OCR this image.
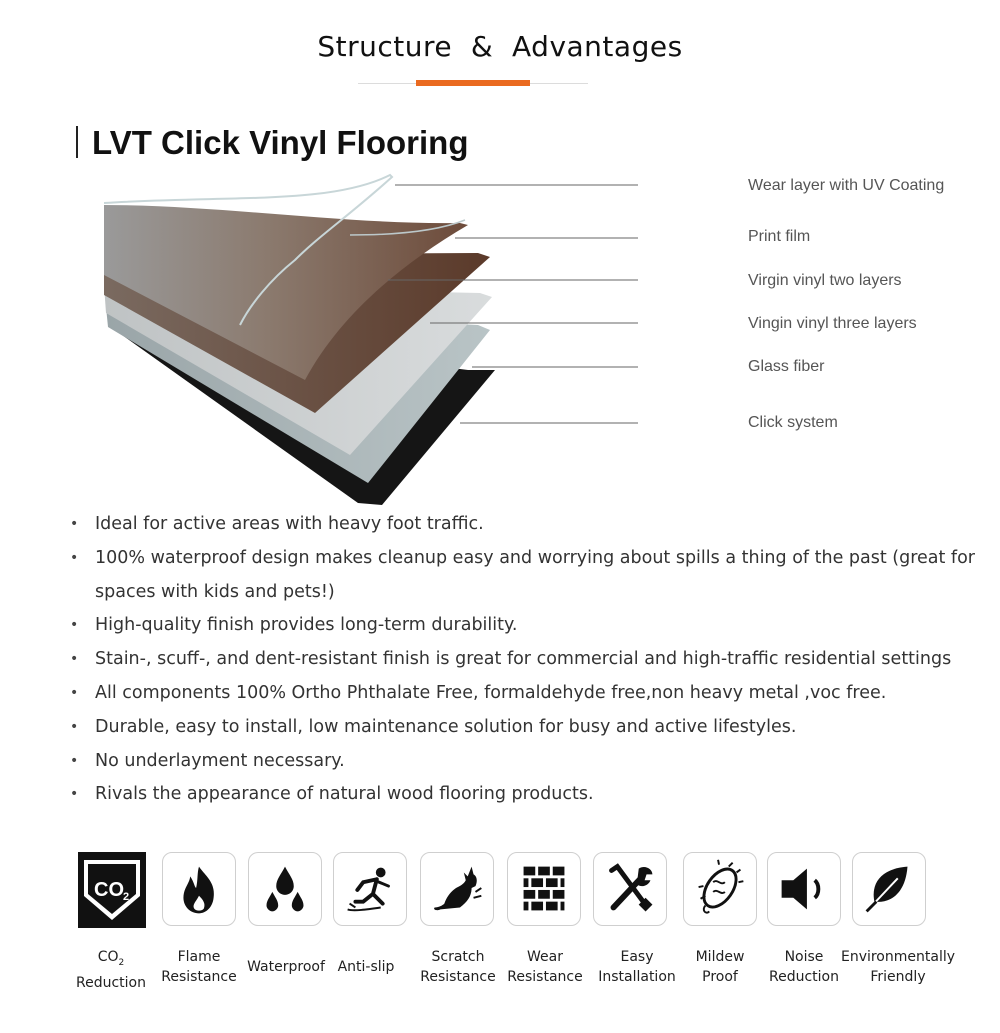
Structure  &  Advantages
LVT Click Vinyl Flooring
Wear layer with UV Coating
Print film
Virgin vinyl two layers
Vingin vinyl three layers
Glass fiber
Click system
• Ideal for active areas with heavy foot traffic.
• 100% waterproof design makes cleanup easy and worrying about spills a thing of the past (great for spaces with kids and pets!)
• High-quality finish provides long-term durability.
• Stain-, scuff-, and dent-resistant finish is great for commercial and high-traffic residential settings
• All components 100% Ortho Phthalate Free, formaldehyde free,non heavy metal ,voc free.
• Durable, easy to install, low maintenance solution for busy and active lifestyles.
• No underlayment necessary.
• Rivals the appearance of natural wood flooring products.
CO 2
$CO_2$
Reduction
Flame
Resistance
Waterproof Anti-slip
Scratch
Resistance
Wear
Resistance
Easy
Installation
Mildew
Proof
Noise
Reduction
Environmentally
Friendly
